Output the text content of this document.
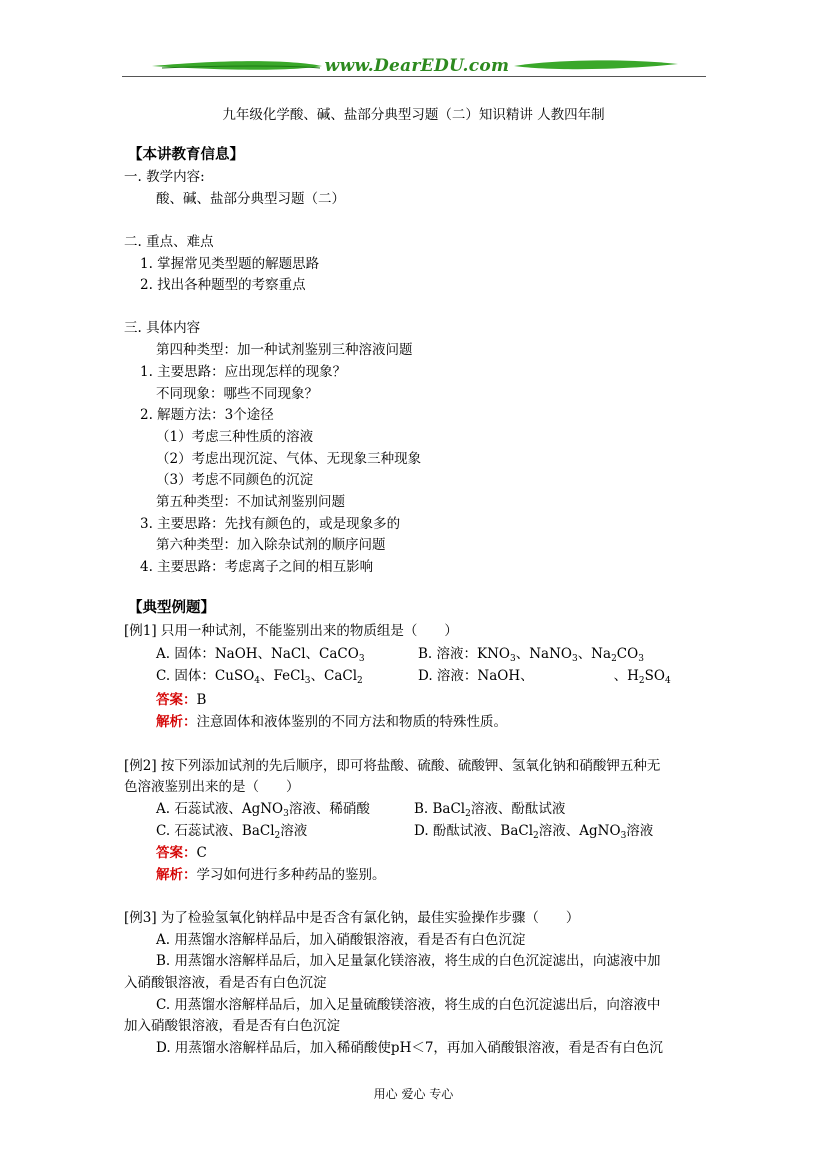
www.DearEDU.com
九年级化学酸、碱、盐部分典型习题（二）知识精讲 人教四年制
【本讲教育信息】
一. 教学内容:
酸、碱、盐部分典型习题（二）
二. 重点、难点
1. 掌握常见类型题的解题思路
2. 找出各种题型的考察重点
三. 具体内容
第四种类型：加一种试剂鉴别三种溶液问题
1. 主要思路：应出现怎样的现象？
不同现象：哪些不同现象？
2. 解题方法：3个途径
（1）考虑三种性质的溶液
（2）考虑出现沉淀、气体、无现象三种现象
（3）考虑不同颜色的沉淀
第五种类型：不加试剂鉴别问题
3. 主要思路：先找有颜色的，或是现象多的
第六种类型：加入除杂试剂的顺序问题
4. 主要思路：考虑离子之间的相互影响
【典型例题】
[例1] 只用一种试剂，不能鉴别出来的物质组是（　　）
A. 固体：NaOH、NaCl、CaCO$_3$	B. 溶液：$KNO_3$、NaNO$_3$、$Na_2CO_3$
C. 固体：CuSO$_4$、FeCl$_3$、CaCl$_2$	D. 溶液：NaOH、	、$H_2SO_4$
答案：B
解析：注意固体和液体鉴别的不同方法和物质的特殊性质。
[例2] 按下列添加试剂的先后顺序，即可将盐酸、硫酸、硫酸钾、氢氧化钠和硝酸钾五种无
色溶液鉴别出来的是（　　）
A. 石蕊试液、AgNO$_3$溶液、稀硝酸	B. BaCl$_2$溶液、酚酞试液
C. 石蕊试液、BaCl$_2$溶液	D. 酚酞试液、BaCl$_2$溶液、AgNO$_3$溶液
答案：C
解析：学习如何进行多种药品的鉴别。
[例3] 为了检验氢氧化钠样品中是否含有氯化钠，最佳实验操作步骤（　　）
A. 用蒸馏水溶解样品后，加入硝酸银溶液，看是否有白色沉淀
B. 用蒸馏水溶解样品后，加入足量氯化镁溶液，将生成的白色沉淀滤出，向滤液中加
入硝酸银溶液，看是否有白色沉淀
C. 用蒸馏水溶解样品后，加入足量硫酸镁溶液，将生成的白色沉淀滤出后，向溶液中
加入硝酸银溶液，看是否有白色沉淀
D. 用蒸馏水溶解样品后，加入稀硝酸使pH＜7，再加入硝酸银溶液，看是否有白色沉
用心 爱心 专心
